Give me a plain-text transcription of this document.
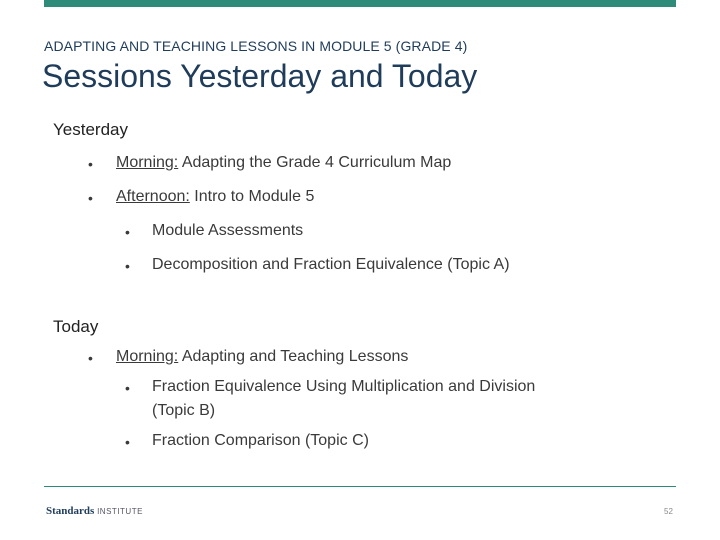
ADAPTING AND TEACHING LESSONS IN MODULE 5 (GRADE 4)
Sessions Yesterday and Today
Yesterday
• Morning: Adapting the Grade 4 Curriculum Map
• Afternoon: Intro to Module 5
• Module Assessments
• Decomposition and Fraction Equivalence (Topic A)
Today
• Morning: Adapting and Teaching Lessons
• Fraction Equivalence Using Multiplication and Division
(Topic B)
• Fraction Comparison (Topic C)
Standards INSTITUTE	52
